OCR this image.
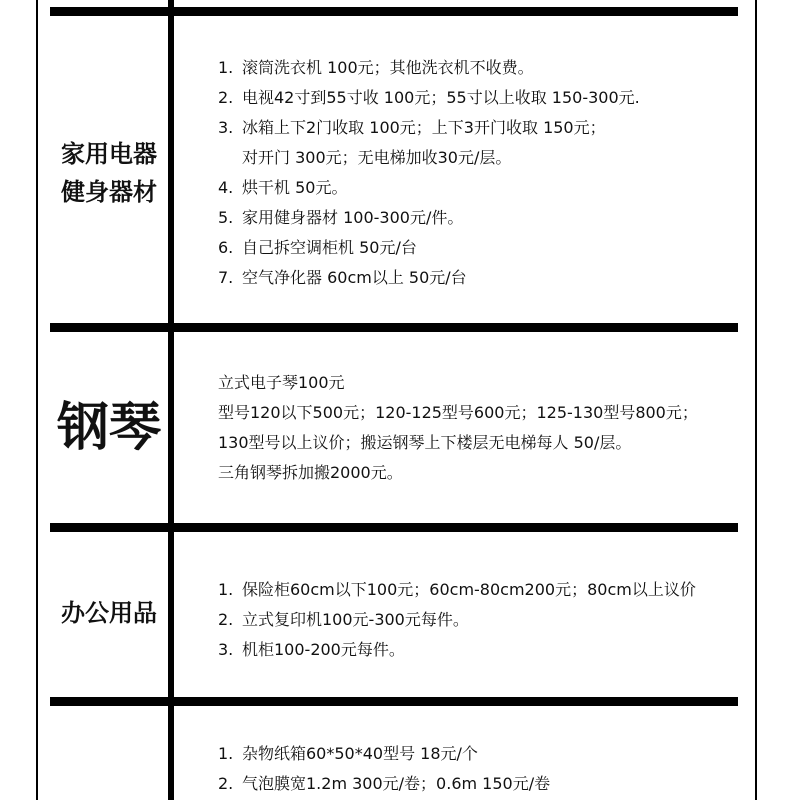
家用电器
健身器材
1. 滚筒洗衣机 100元；其他洗衣机不收费。
2. 电视42寸到55寸收 100元；55寸以上收取 150-300元.
3. 冰箱上下2门收取 100元；上下3开门收取 150元；
对开门 300元；无电梯加收30元/层。
4. 烘干机 50元。
5. 家用健身器材 100-300元/件。
6. 自己拆空调柜机 50元/台
7. 空气净化器 60cm以上 50元/台
钢琴
立式电子琴100元
型号120以下500元；120-125型号600元；125-130型号800元；
130型号以上议价；搬运钢琴上下楼层无电梯每人 50/层。
三角钢琴拆加搬2000元。
办公用品
1. 保险柜60cm以下100元；60cm-80cm200元；80cm以上议价
2. 立式复印机100元-300元每件。
3. 机柜100-200元每件。
1. 杂物纸箱60*50*40型号 18元/个
2. 气泡膜宽1.2m 300元/卷；0.6m 150元/卷
